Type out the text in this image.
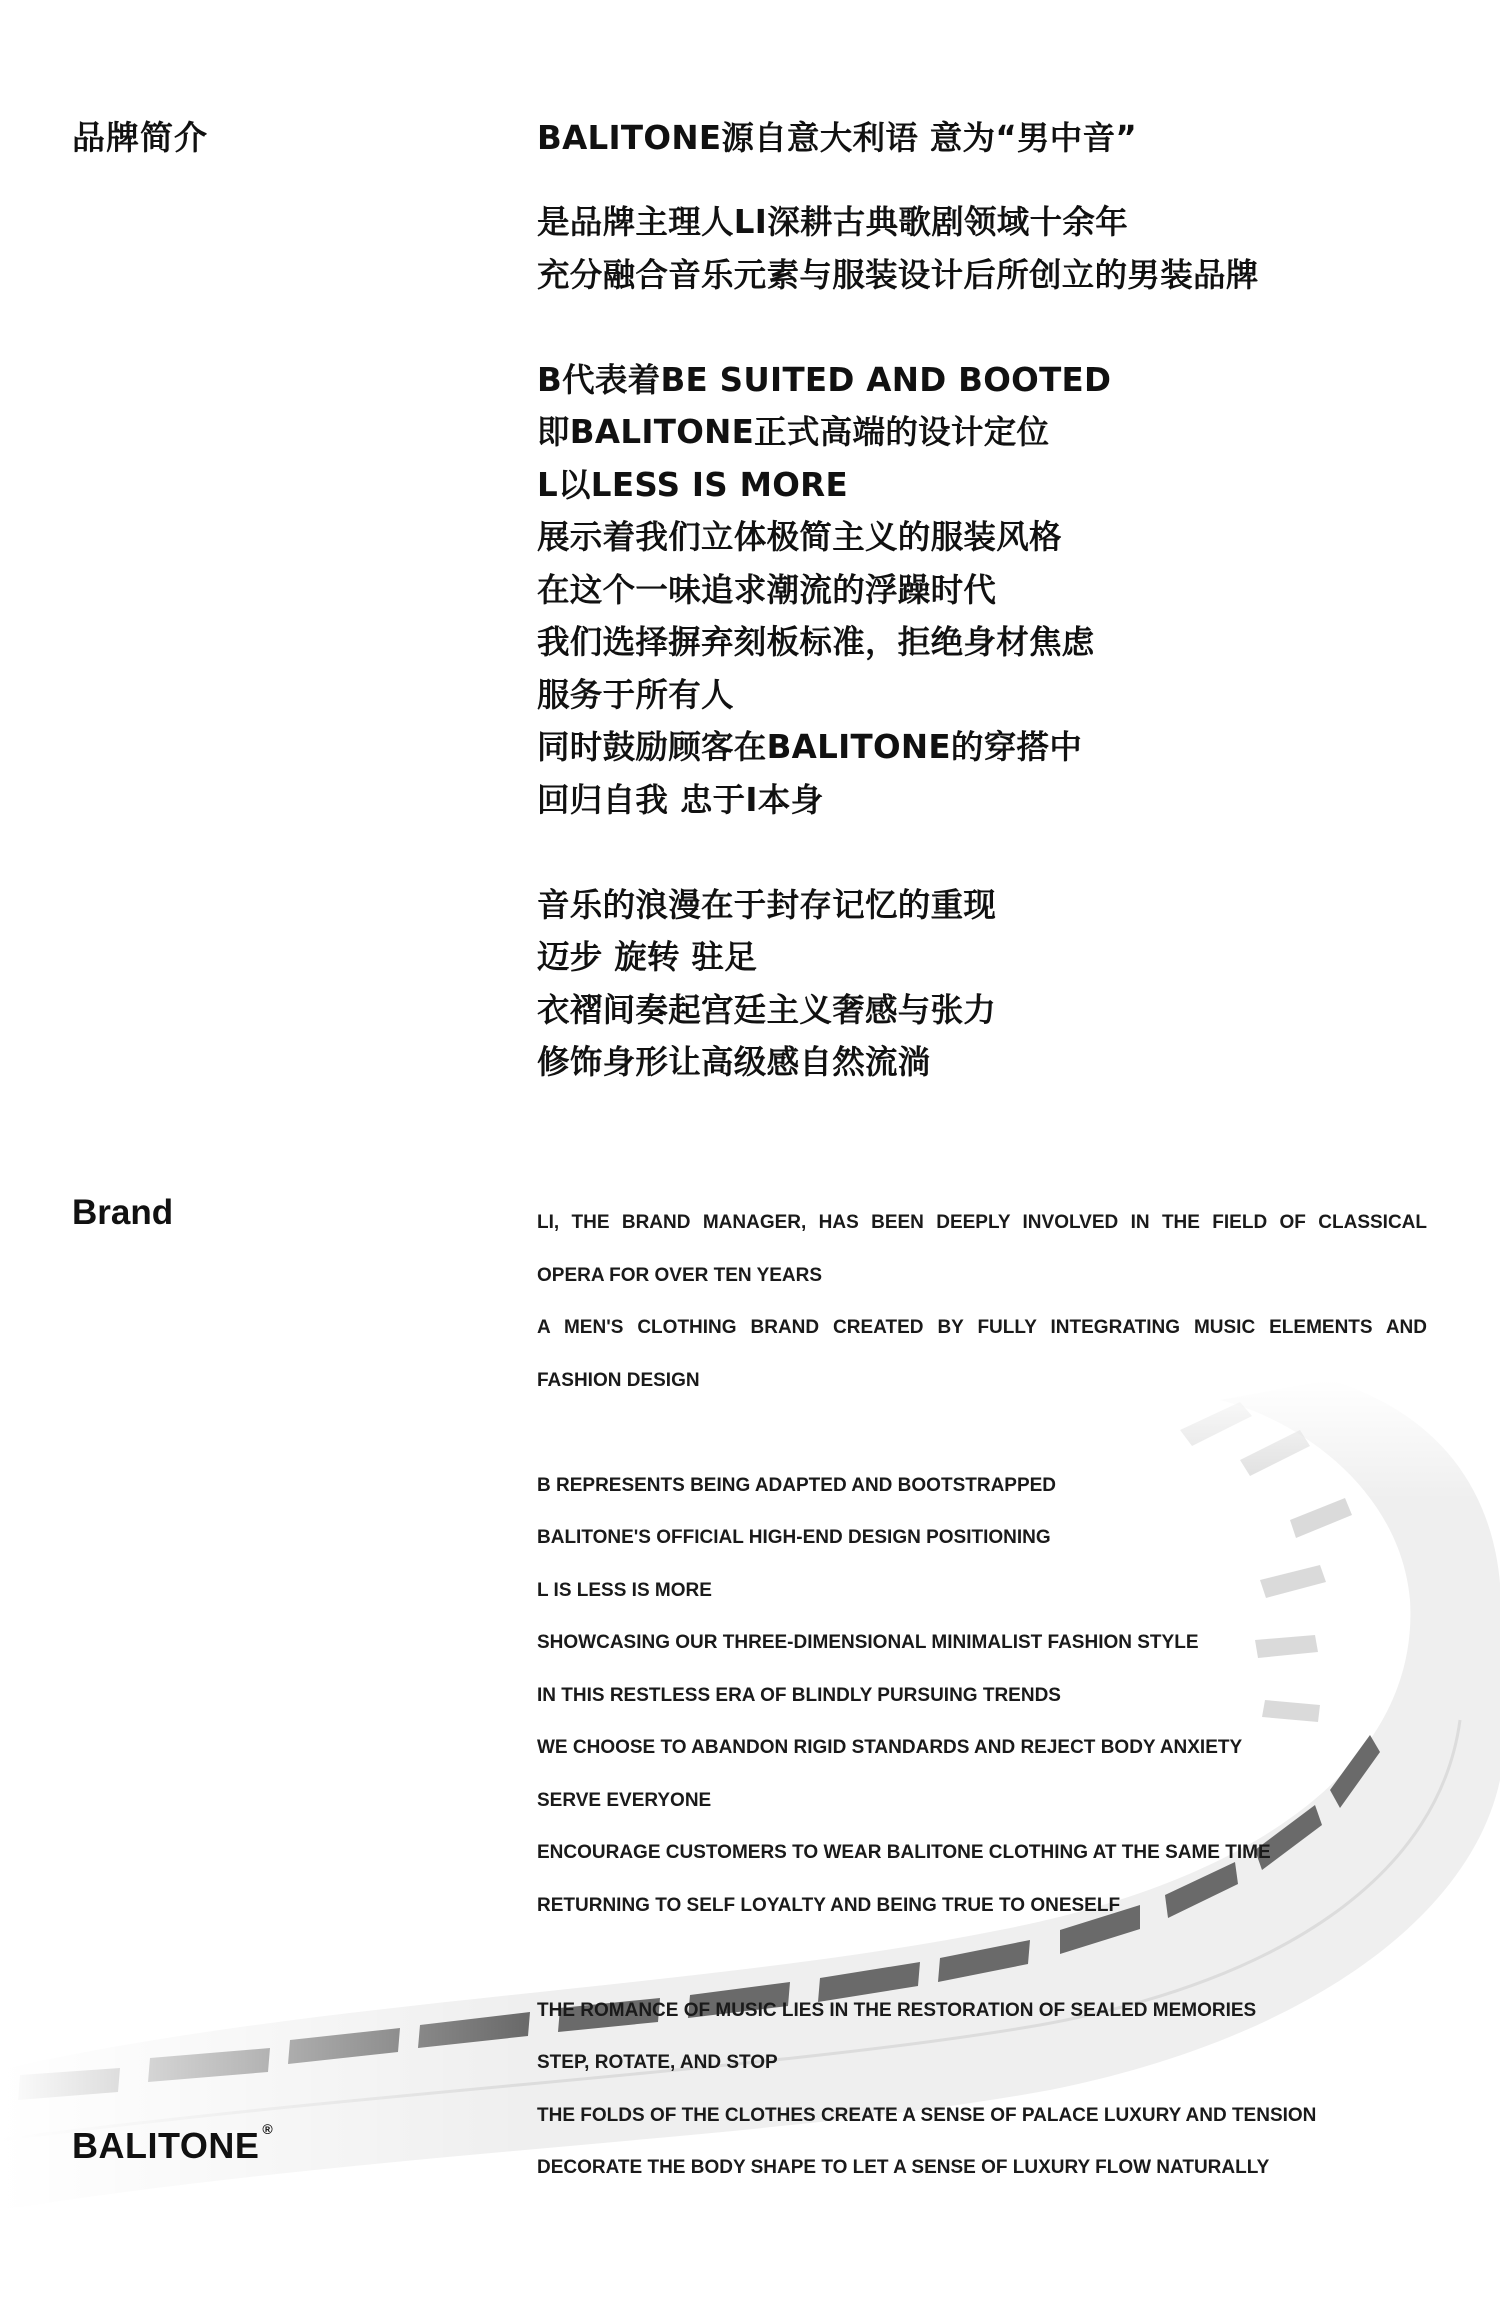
品牌简介	BALITONE源自意大利语 意为“男中音”
是品牌主理人LI深耕古典歌剧领域十余年
充分融合音乐元素与服装设计后所创立的男装品牌
B代表着BE SUITED AND BOOTED
即BALITONE正式高端的设计定位
L以LESS IS MORE
展示着我们立体极简主义的服装风格
在这个一味追求潮流的浮躁时代
我们选择摒弃刻板标准，拒绝身材焦虑
服务于所有人
同时鼓励顾客在BALITONE的穿搭中
回归自我 忠于I本身
音乐的浪漫在于封存记忆的重现
迈步 旋转 驻足
衣褶间奏起宫廷主义奢感与张力
修饰身形让高级感自然流淌
Brand	LI, THE BRAND MANAGER, HAS BEEN DEEPLY INVOLVED IN THE FIELD OF CLASSICAL
OPERA FOR OVER TEN YEARS
A MEN'S CLOTHING BRAND CREATED BY FULLY INTEGRATING MUSIC ELEMENTS AND
FASHION DESIGN
B REPRESENTS BEING ADAPTED AND BOOTSTRAPPED
BALITONE'S OFFICIAL HIGH-END DESIGN POSITIONING
L IS LESS IS MORE
SHOWCASING OUR THREE-DIMENSIONAL MINIMALIST FASHION STYLE
IN THIS RESTLESS ERA OF BLINDLY PURSUING TRENDS
WE CHOOSE TO ABANDON RIGID STANDARDS AND REJECT BODY ANXIETY
SERVE EVERYONE
ENCOURAGE CUSTOMERS TO WEAR BALITONE CLOTHING AT THE SAME TIME
RETURNING TO SELF LOYALTY AND BEING TRUE TO ONESELF
THE ROMANCE OF MUSIC LIES IN THE RESTORATION OF SEALED MEMORIES
STEP, ROTATE, AND STOP
THE FOLDS OF THE CLOTHES CREATE A SENSE OF PALACE LUXURY AND TENSION
DECORATE THE BODY SHAPE TO LET A SENSE OF LUXURY FLOW NATURALLY
BALITONE ®
